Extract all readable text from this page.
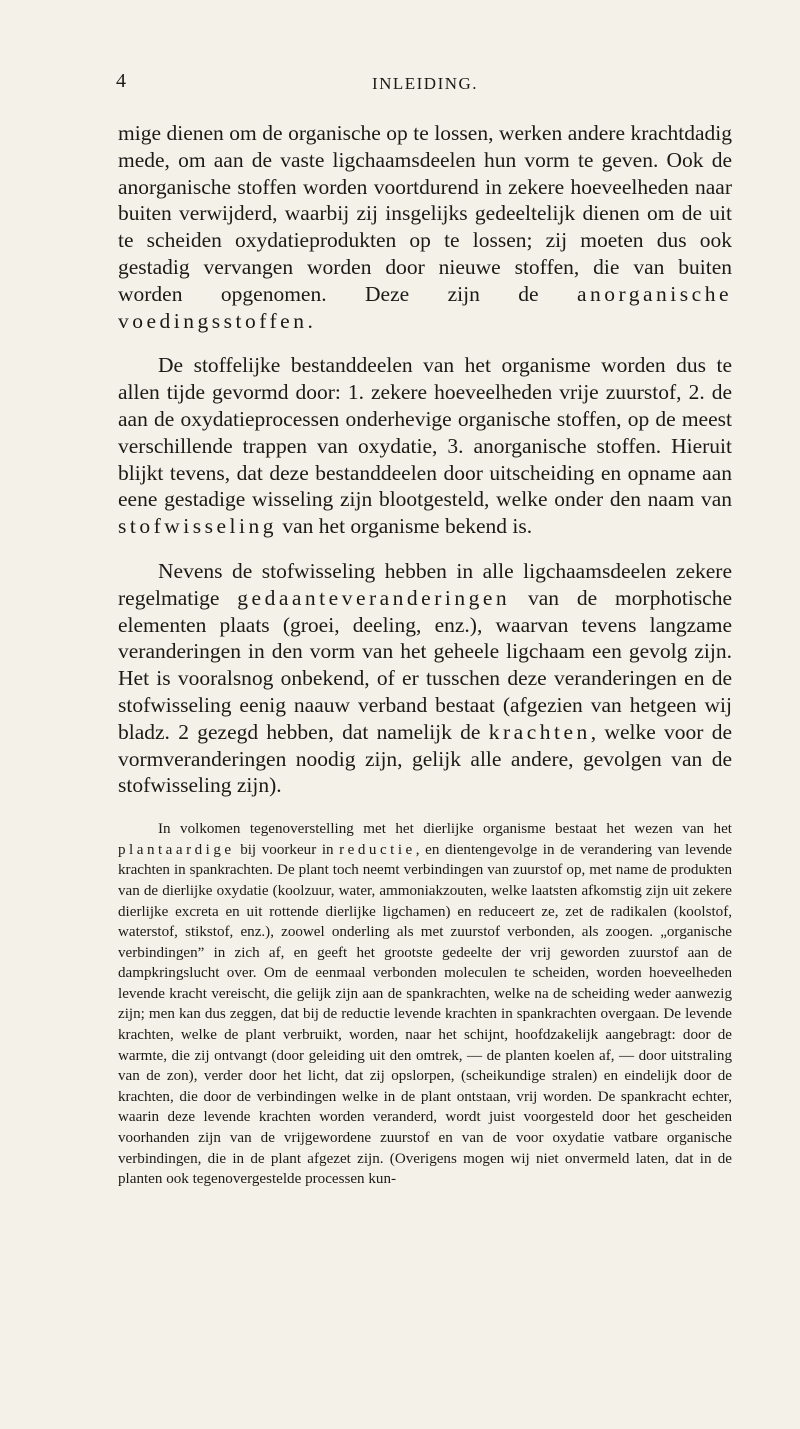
4	INLEIDING.

mige dienen om de organische op te lossen, werken andere krachtdadig mede, om aan de vaste ligchaamsdeelen hun vorm te geven. Ook de anorganische stoffen worden voortdurend in zekere hoeveelheden naar buiten verwijderd, waarbij zij insgelijks gedeeltelijk dienen om de uit te scheiden oxydatieprodukten op te lossen; zij moeten dus ook gestadig vervangen worden door nieuwe stoffen, die van buiten worden opgenomen. Deze zijn de anorganische voedingsstoffen.

De stoffelijke bestanddeelen van het organisme worden dus te allen tijde gevormd door: 1. zekere hoeveelheden vrije zuurstof, 2. de aan de oxydatieprocessen onderhevige organische stoffen, op de meest verschillende trappen van oxydatie, 3. anorganische stoffen. Hieruit blijkt tevens, dat deze bestanddeelen door uitscheiding en opname aan eene gestadige wisseling zijn blootgesteld, welke onder den naam van stofwisseling van het organisme bekend is.

Nevens de stofwisseling hebben in alle ligchaamsdeelen zekere regelmatige gedaanteveranderingen van de morphotische elementen plaats (groei, deeling, enz.), waarvan tevens langzame veranderingen in den vorm van het geheele ligchaam een gevolg zijn. Het is vooralsnog onbekend, of er tusschen deze veranderingen en de stofwisseling eenig naauw verband bestaat (afgezien van hetgeen wij bladz. 2 gezegd hebben, dat namelijk de krachten, welke voor de vormveranderingen noodig zijn, gelijk alle andere, gevolgen van de stofwisseling zijn).

In volkomen tegenoverstelling met het dierlijke organisme bestaat het wezen van het plantaardige bij voorkeur in reductie, en dientengevolge in de verandering van levende krachten in spankrachten. De plant toch neemt verbindingen van zuurstof op, met name de produkten van de dierlijke oxydatie (koolzuur, water, ammoniakzouten, welke laatsten afkomstig zijn uit zekere dierlijke excreta en uit rottende dierlijke ligchamen) en reduceert ze, zet de radikalen (koolstof, waterstof, stikstof, enz.), zoowel onderling als met zuurstof verbonden, als zoogen. „organische verbindingen” in zich af, en geeft het grootste gedeelte der vrij geworden zuurstof aan de dampkringslucht over. Om de eenmaal verbonden moleculen te scheiden, worden hoeveelheden levende kracht vereischt, die gelijk zijn aan de spankrachten, welke na de scheiding weder aanwezig zijn; men kan dus zeggen, dat bij de reductie levende krachten in spankrachten overgaan. De levende krachten, welke de plant verbruikt, worden, naar het schijnt, hoofdzakelijk aangebragt: door de warmte, die zij ontvangt (door geleiding uit den omtrek, — de planten koelen af, — door uitstraling van de zon), verder door het licht, dat zij opslorpen, (scheikundige stralen) en eindelijk door de krachten, die door de verbindingen welke in de plant ontstaan, vrij worden. De spankracht echter, waarin deze levende krachten worden veranderd, wordt juist voorgesteld door het gescheiden voorhanden zijn van de vrijgewordene zuurstof en van de voor oxydatie vatbare organische verbindingen, die in de plant afgezet zijn. (Overigens mogen wij niet onvermeld laten, dat in de planten ook tegenovergestelde processen kun-
